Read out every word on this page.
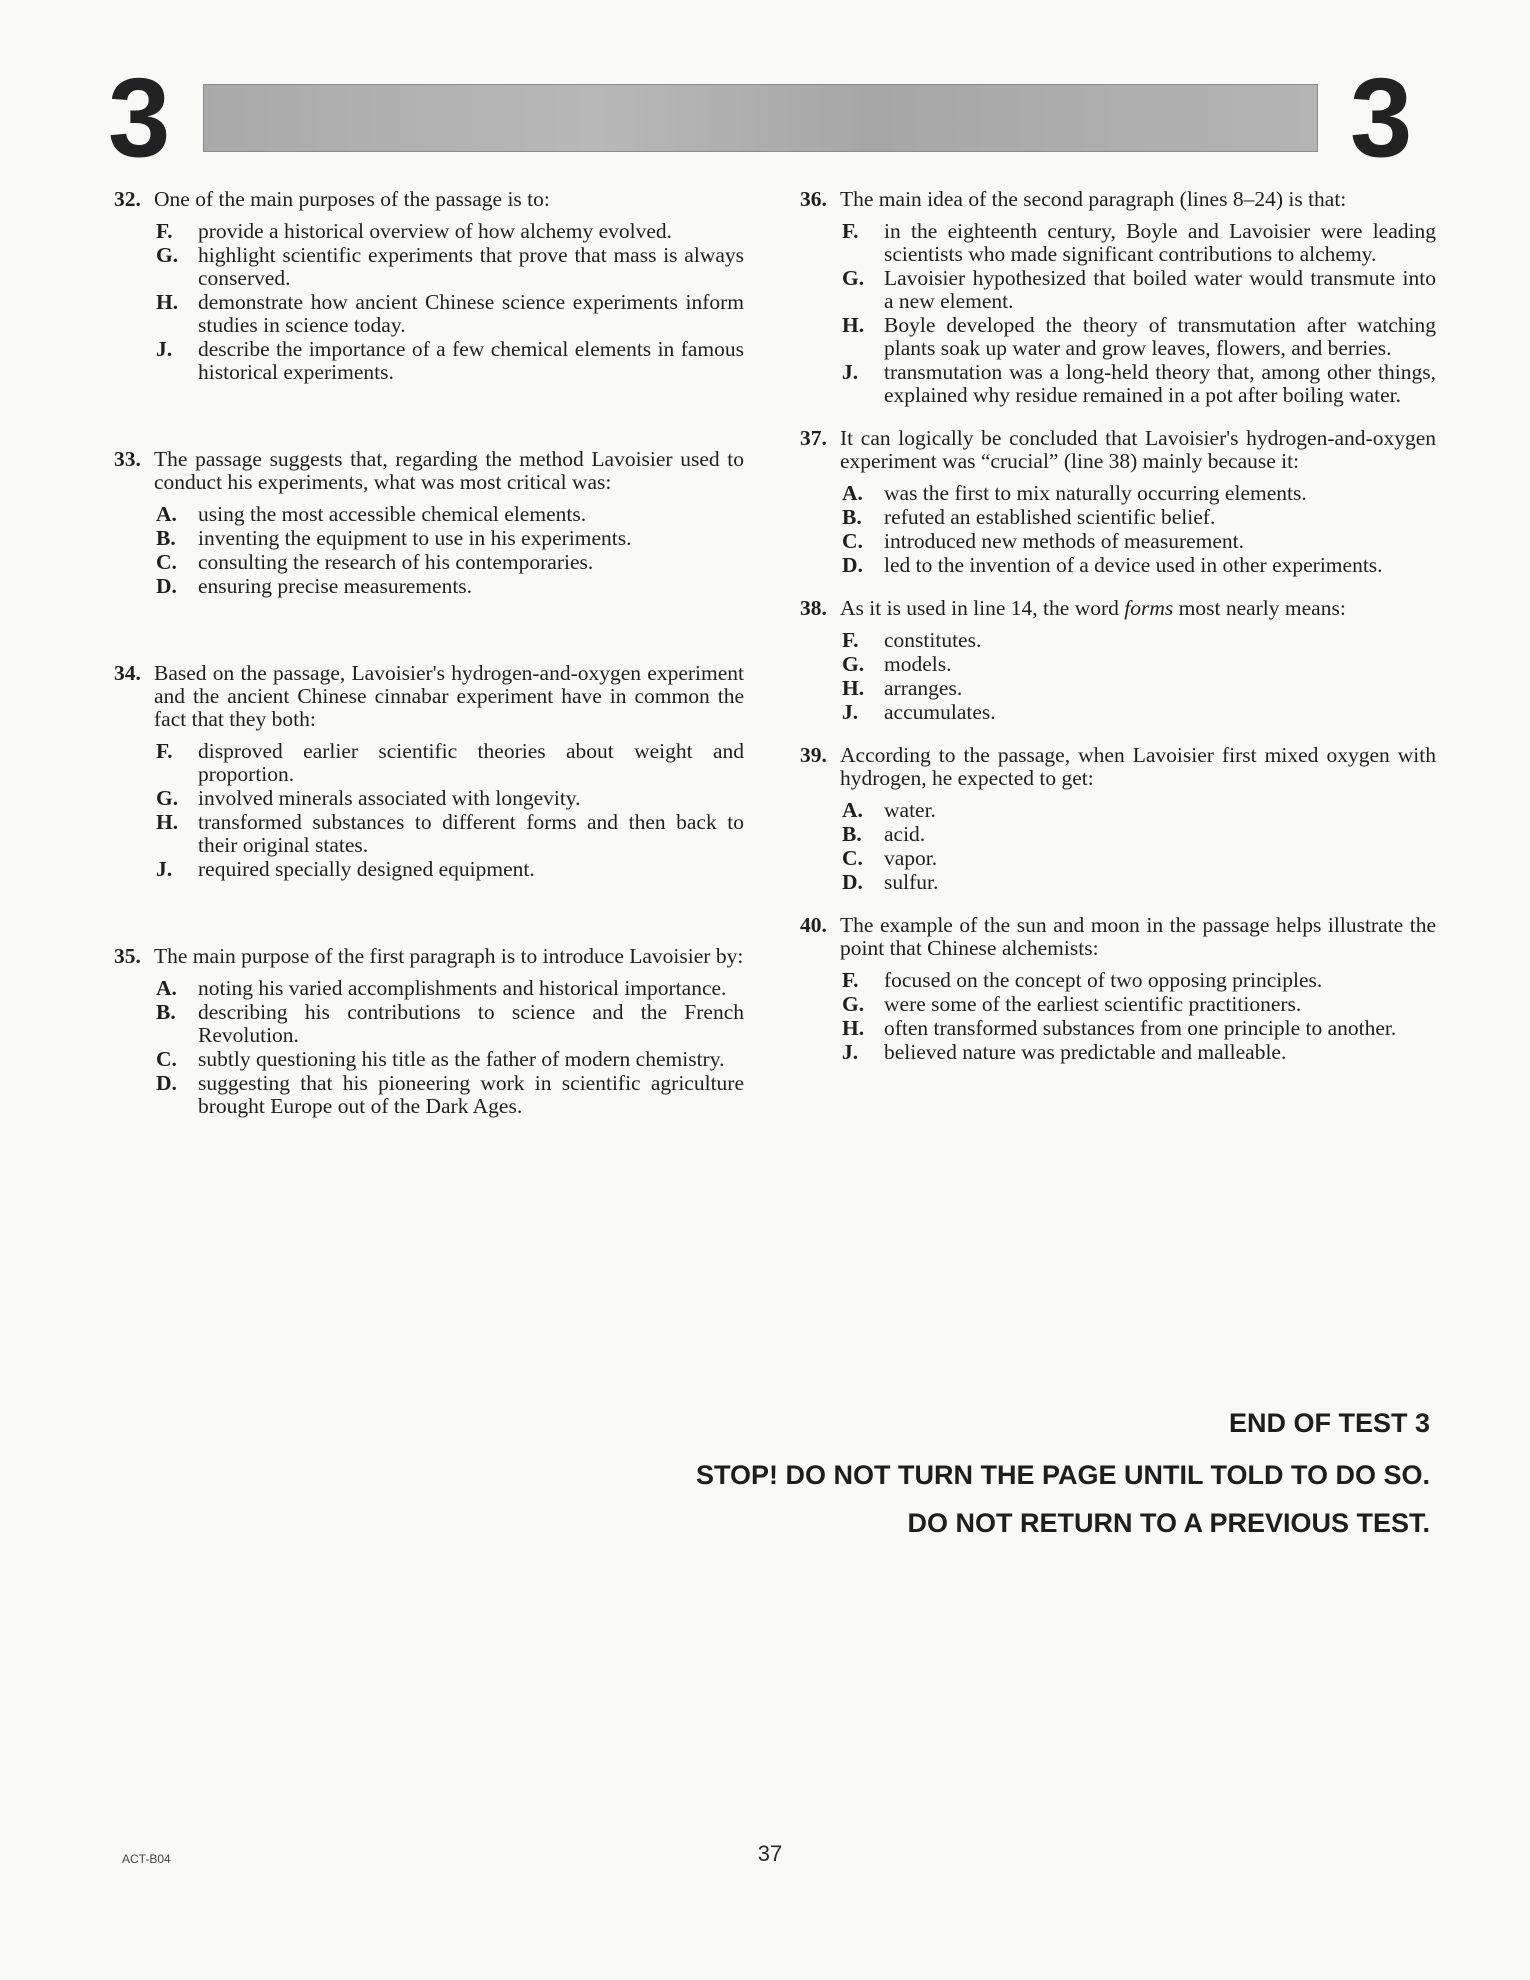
3	3
32. One of the main purposes of the passage is to:
F.	provide a historical overview of how alchemy evolved.
G. highlight scientific experiments that prove that mass is always conserved.
H. demonstrate how ancient Chinese science experiments inform studies in science today.
J.	describe the importance of a few chemical elements in famous historical experiments.
33. The passage suggests that, regarding the method Lavoisier used to conduct his experiments, what was most critical was:
A. using the most accessible chemical elements.
B.	inventing the equipment to use in his experiments.
C. consulting the research of his contemporaries.
D. ensuring precise measurements.
34. Based on the passage, Lavoisier's hydrogen-and-oxygen experiment and the ancient Chinese cinnabar experiment have in common the fact that they both:
F.	disproved earlier scientific theories about weight and proportion.
G. involved minerals associated with longevity.
H. transformed substances to different forms and then back to their original states.
J.	required specially designed equipment.
35. The main purpose of the first paragraph is to introduce Lavoisier by:
A. noting his varied accomplishments and historical importance.
B.	describing his contributions to science and the French Revolution.
C. subtly questioning his title as the father of modern chemistry.
D. suggesting that his pioneering work in scientific agriculture brought Europe out of the Dark Ages.
36. The main idea of the second paragraph (lines 8–24) is that:
F.	in the eighteenth century, Boyle and Lavoisier were leading scientists who made significant contributions to alchemy.
G. Lavoisier hypothesized that boiled water would transmute into a new element.
H. Boyle developed the theory of transmutation after watching plants soak up water and grow leaves, flowers, and berries.
J.	transmutation was a long-held theory that, among other things, explained why residue remained in a pot after boiling water.
37. It can logically be concluded that Lavoisier's hydrogen-and-oxygen experiment was “crucial” (line 38) mainly because it:
A. was the first to mix naturally occurring elements.
B.	refuted an established scientific belief.
C. introduced new methods of measurement.
D. led to the invention of a device used in other experiments.
38. As it is used in line 14, the word forms most nearly means:
F.	constitutes.
G. models.
H. arranges.
J.	accumulates.
39. According to the passage, when Lavoisier first mixed oxygen with hydrogen, he expected to get:
A. water.
B.	acid.
C. vapor.
D. sulfur.
40. The example of the sun and moon in the passage helps illustrate the point that Chinese alchemists:
F.	focused on the concept of two opposing principles.
G. were some of the earliest scientific practitioners.
H. often transformed substances from one principle to another.
J.	believed nature was predictable and malleable.
END OF TEST 3
STOP! DO NOT TURN THE PAGE UNTIL TOLD TO DO SO.
DO NOT RETURN TO A PREVIOUS TEST.
ACT-B04	37
